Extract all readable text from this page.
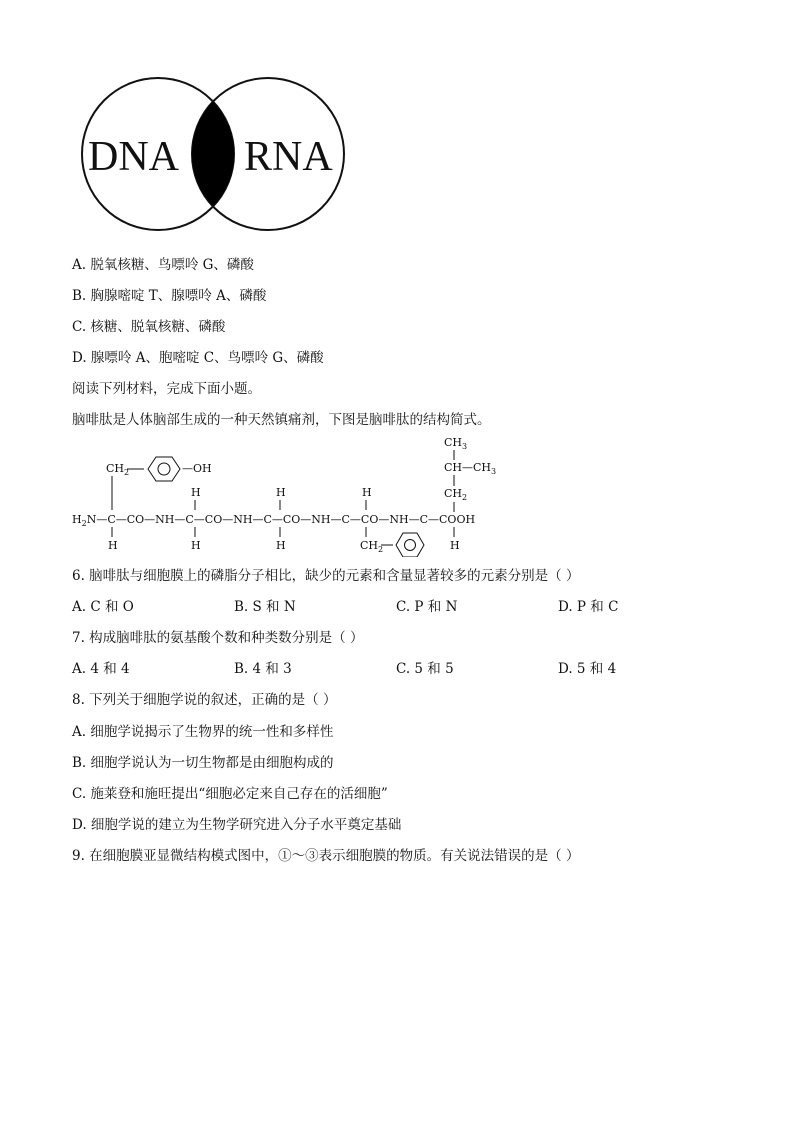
DNA RNA
A. 脱氧核糖、鸟嘌呤 G、磷酸
B. 胸腺嘧啶 T、腺嘌呤 A、磷酸
C. 核糖、脱氧核糖、磷酸
D. 腺嘌呤 A、胞嘧啶 C、鸟嘌呤 G、磷酸
阅读下列材料，完成下面小题。
脑啡肽是人体脑部生成的一种天然镇痛剂，下图是脑啡肽的结构简式。
$CH_3$
$CH—CH_3$
$CH_2$
$CH_2$	—OH
H	H	H
$H_2N—C—CO—NH—C—CO—NH—C—CO—NH—C—CO—NH—C—COOH$
H	H	H	$CH_2$	H
6. 脑啡肽与细胞膜上的磷脂分子相比，缺少的元素和含量显著较多的元素分别是（ ）
A. C 和 O	B. S 和 N	C. P 和 N	D. P 和 C
7. 构成脑啡肽的氨基酸个数和种类数分别是（ ）
A. 4 和 4	B. 4 和 3	C. 5 和 5	D. 5 和 4
8. 下列关于细胞学说的叙述，正确的是（ ）
A. 细胞学说揭示了生物界的统一性和多样性
B. 细胞学说认为一切生物都是由细胞构成的
C. 施莱登和施旺提出“细胞必定来自己存在的活细胞”
D. 细胞学说的建立为生物学研究进入分子水平奠定基础
9. 在细胞膜亚显微结构模式图中，①～③表示细胞膜的物质。有关说法错误的是（ ）
